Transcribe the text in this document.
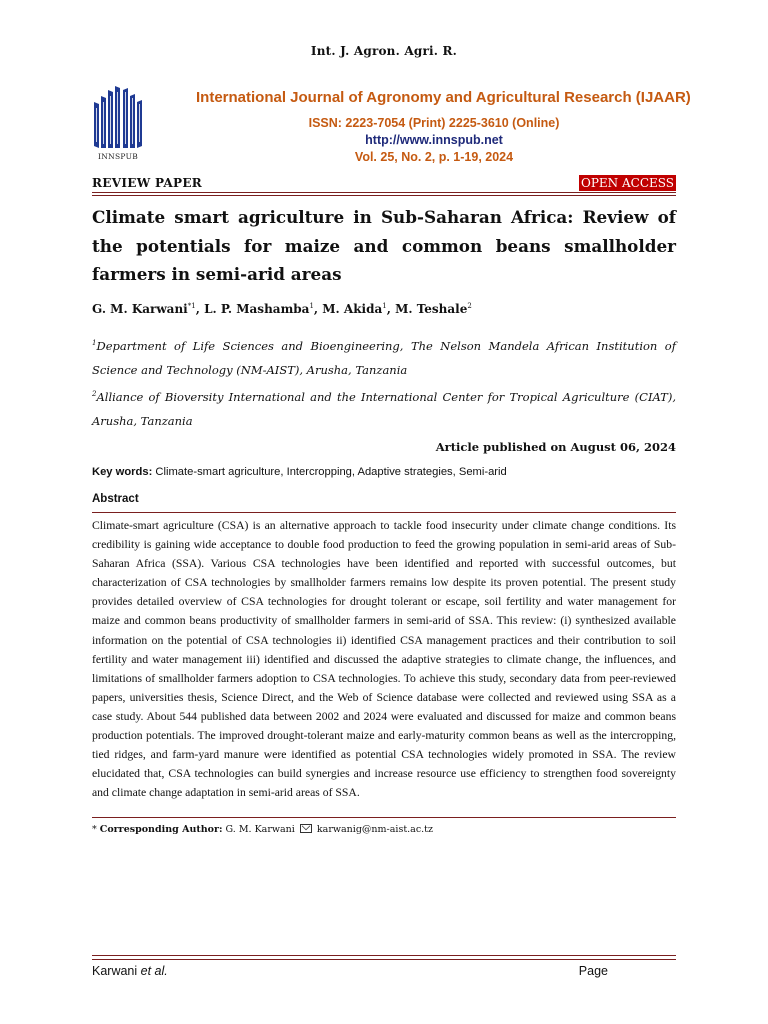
Int. J. Agron. Agri. R.
INNSPUB
International Journal of Agronomy and Agricultural Research (IJAAR)
ISSN: 2223-7054 (Print) 2225-3610 (Online)
http://www.innspub.net
Vol. 25, No. 2, p. 1-19, 2024
REVIEW PAPER	OPEN ACCESS
Climate smart agriculture in Sub-Saharan Africa: Review of the potentials for maize and common beans smallholder farmers in semi-arid areas
G. M. Karwani$^{*1}$, L. P. Mashamba$^1$, M. Akida$^1$, M. Teshale$^2$
$^1$Department of Life Sciences and Bioengineering, The Nelson Mandela African Institution of Science and Technology (NM-AIST), Arusha, Tanzania
$^2$Alliance of Bioversity International and the International Center for Tropical Agriculture (CIAT), Arusha, Tanzania
Article published on August 06, 2024
Key words: Climate-smart agriculture, Intercropping, Adaptive strategies, Semi-arid
Abstract
Climate-smart agriculture (CSA) is an alternative approach to tackle food insecurity under climate change conditions. Its credibility is gaining wide acceptance to double food production to feed the growing population in semi-arid areas of Sub-Saharan Africa (SSA). Various CSA technologies have been identified and reported with successful outcomes, but characterization of CSA technologies by smallholder farmers remains low despite its proven potential. The present study provides detailed overview of CSA technologies for drought tolerant or escape, soil fertility and water management for maize and common beans productivity of smallholder farmers in semi-arid of SSA. This review: (i) synthesized available information on the potential of CSA technologies ii) identified CSA management practices and their contribution to soil fertility and water management iii) identified and discussed the adaptive strategies to climate change, the influences, and limitations of smallholder farmers adoption to CSA technologies. To achieve this study, secondary data from peer-reviewed papers, universities thesis, Science Direct, and the Web of Science database were collected and reviewed using SSA as a case study. About 544 published data between 2002 and 2024 were evaluated and discussed for maize and common beans production potentials. The improved drought-tolerant maize and early-maturity common beans as well as the intercropping, tied ridges, and farm-yard manure were identified as potential CSA technologies widely promoted in SSA. The review elucidated that, CSA technologies can build synergies and increase resource use efficiency to strengthen food sovereignty and climate change adaptation in semi-arid areas of SSA.
* Corresponding Author: G. M. Karwani karwanig@nm-aist.ac.tz
Karwani et al.	Page
